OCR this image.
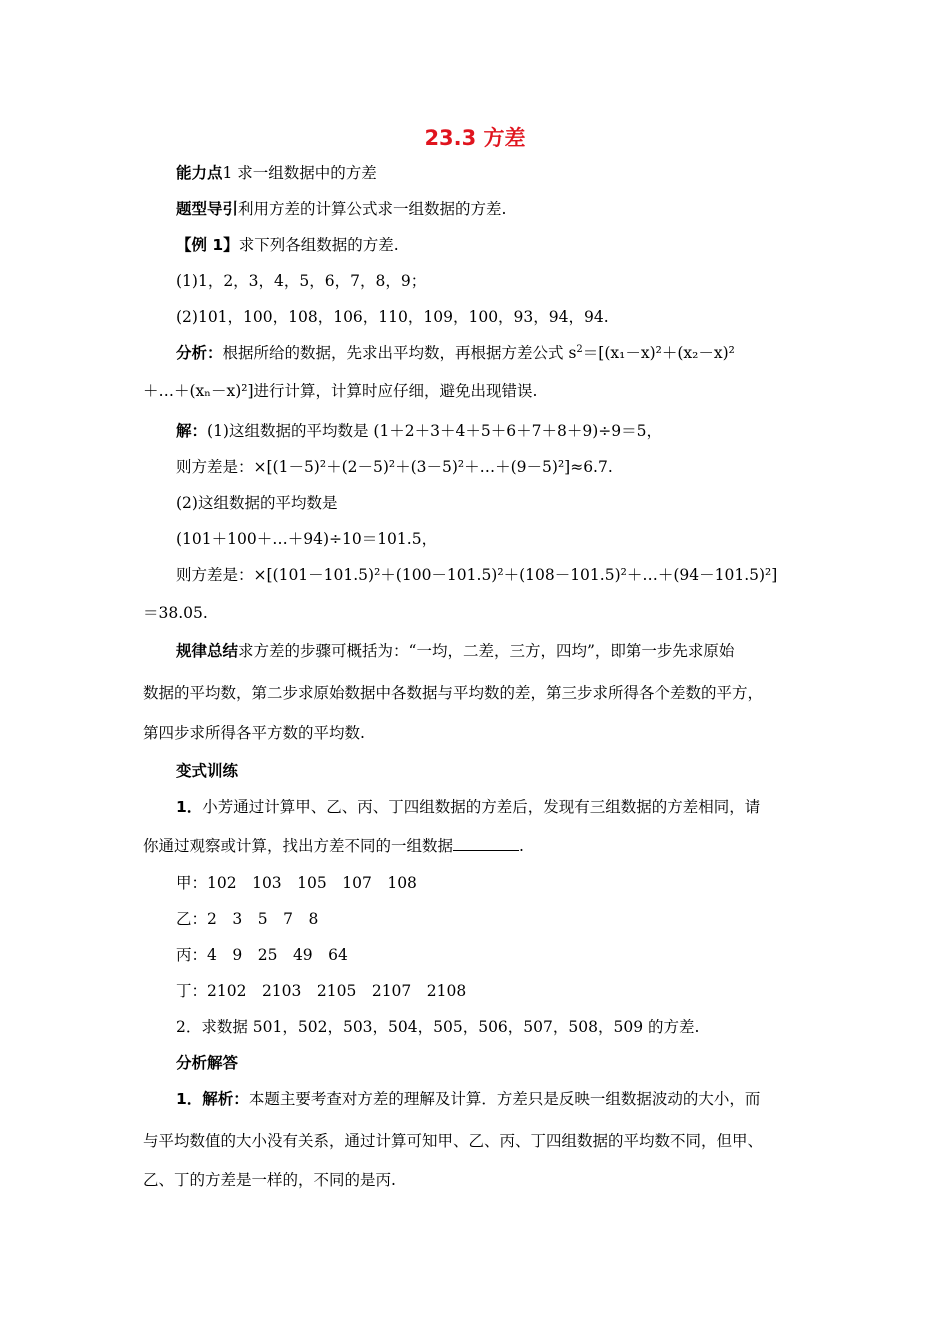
23.3 方差
能力点1 求一组数据中的方差
题型导引利用方差的计算公式求一组数据的方差.
【例 1】求下列各组数据的方差.
(1)1，2，3，4，5，6，7，8，9；
(2)101，100，108，106，110，109，100，93，94，94.
分析：根据所给的数据，先求出平均数，再根据方差公式 $s^2=[(x_1-x)^2+(x_2-x)^2$
＋…＋(xₙ－x)²]进行计算，计算时应仔细，避免出现错误.
解：(1)这组数据的平均数是 (1＋2＋3＋4＋5＋6＋7＋8＋9)÷9＝5，
则方差是：×[(1－5)²＋(2－5)²＋(3－5)²＋…＋(9－5)²]≈6.7.
(2)这组数据的平均数是
(101＋100＋…＋94)÷10＝101.5，
则方差是：×[(101－101.5)²＋(100－101.5)²＋(108－101.5)²＋…＋(94－101.5)²]
＝38.05.
规律总结求方差的步骤可概括为：“一均，二差，三方，四均”，即第一步先求原始
数据的平均数，第二步求原始数据中各数据与平均数的差，第三步求所得各个差数的平方，
第四步求所得各平方数的平均数.
变式训练
1．小芳通过计算甲、乙、丙、丁四组数据的方差后，发现有三组数据的方差相同，请
你通过观察或计算，找出方差不同的一组数据	.
甲：102　103　105　107　108
乙：2　3　5　7　8
丙：4　9　25　49　64
丁：2102　2103　2105　2107　2108
2．求数据 501，502，503，504，505，506，507，508，509 的方差.
分析解答
1．解析：本题主要考查对方差的理解及计算．方差只是反映一组数据波动的大小，而
与平均数值的大小没有关系，通过计算可知甲、乙、丙、丁四组数据的平均数不同，但甲、
乙、丁的方差是一样的，不同的是丙.
